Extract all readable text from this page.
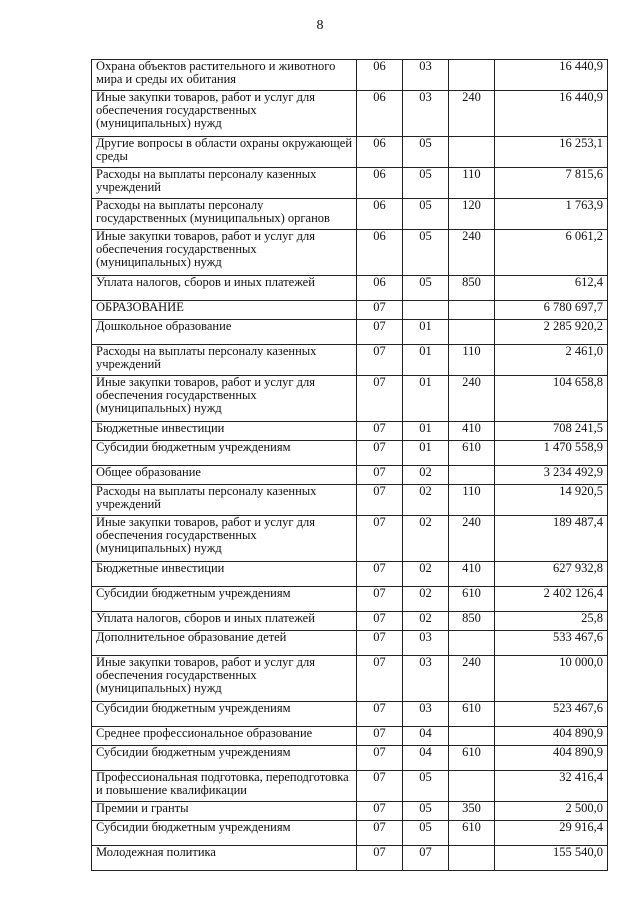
8
Охрана объектов растительного и животного мира и среды их обитания	06	03		16 440,9
Иные закупки товаров, работ и услуг для обеспечения государственных (муниципальных) нужд	06	03	240	16 440,9
Другие вопросы в области охраны окружающей среды	06	05		16 253,1
Расходы на выплаты персоналу казенных учреждений	06	05	110	7 815,6
Расходы на выплаты персоналу государственных (муниципальных) органов	06	05	120	1 763,9
Иные закупки товаров, работ и услуг для обеспечения государственных (муниципальных) нужд	06	05	240	6 061,2
Уплата налогов, сборов и иных платежей	06	05	850	612,4
ОБРАЗОВАНИЕ	07			6 780 697,7
Дошкольное образование	07	01		2 285 920,2
Расходы на выплаты персоналу казенных учреждений	07	01	110	2 461,0
Иные закупки товаров, работ и услуг для обеспечения государственных (муниципальных) нужд	07	01	240	104 658,8
Бюджетные инвестиции	07	01	410	708 241,5
Субсидии бюджетным учреждениям	07	01	610	1 470 558,9
Общее образование	07	02		3 234 492,9
Расходы на выплаты персоналу казенных учреждений	07	02	110	14 920,5
Иные закупки товаров, работ и услуг для обеспечения государственных (муниципальных) нужд	07	02	240	189 487,4
Бюджетные инвестиции	07	02	410	627 932,8
Субсидии бюджетным учреждениям	07	02	610	2 402 126,4
Уплата налогов, сборов и иных платежей	07	02	850	25,8
Дополнительное образование детей	07	03		533 467,6
Иные закупки товаров, работ и услуг для обеспечения государственных (муниципальных) нужд	07	03	240	10 000,0
Субсидии бюджетным учреждениям	07	03	610	523 467,6
Среднее профессиональное образование	07	04		404 890,9
Субсидии бюджетным учреждениям	07	04	610	404 890,9
Профессиональная подготовка, переподготовка и повышение квалификации	07	05		32 416,4
Премии и гранты	07	05	350	2 500,0
Субсидии бюджетным учреждениям	07	05	610	29 916,4
Молодежная политика	07	07		155 540,0
